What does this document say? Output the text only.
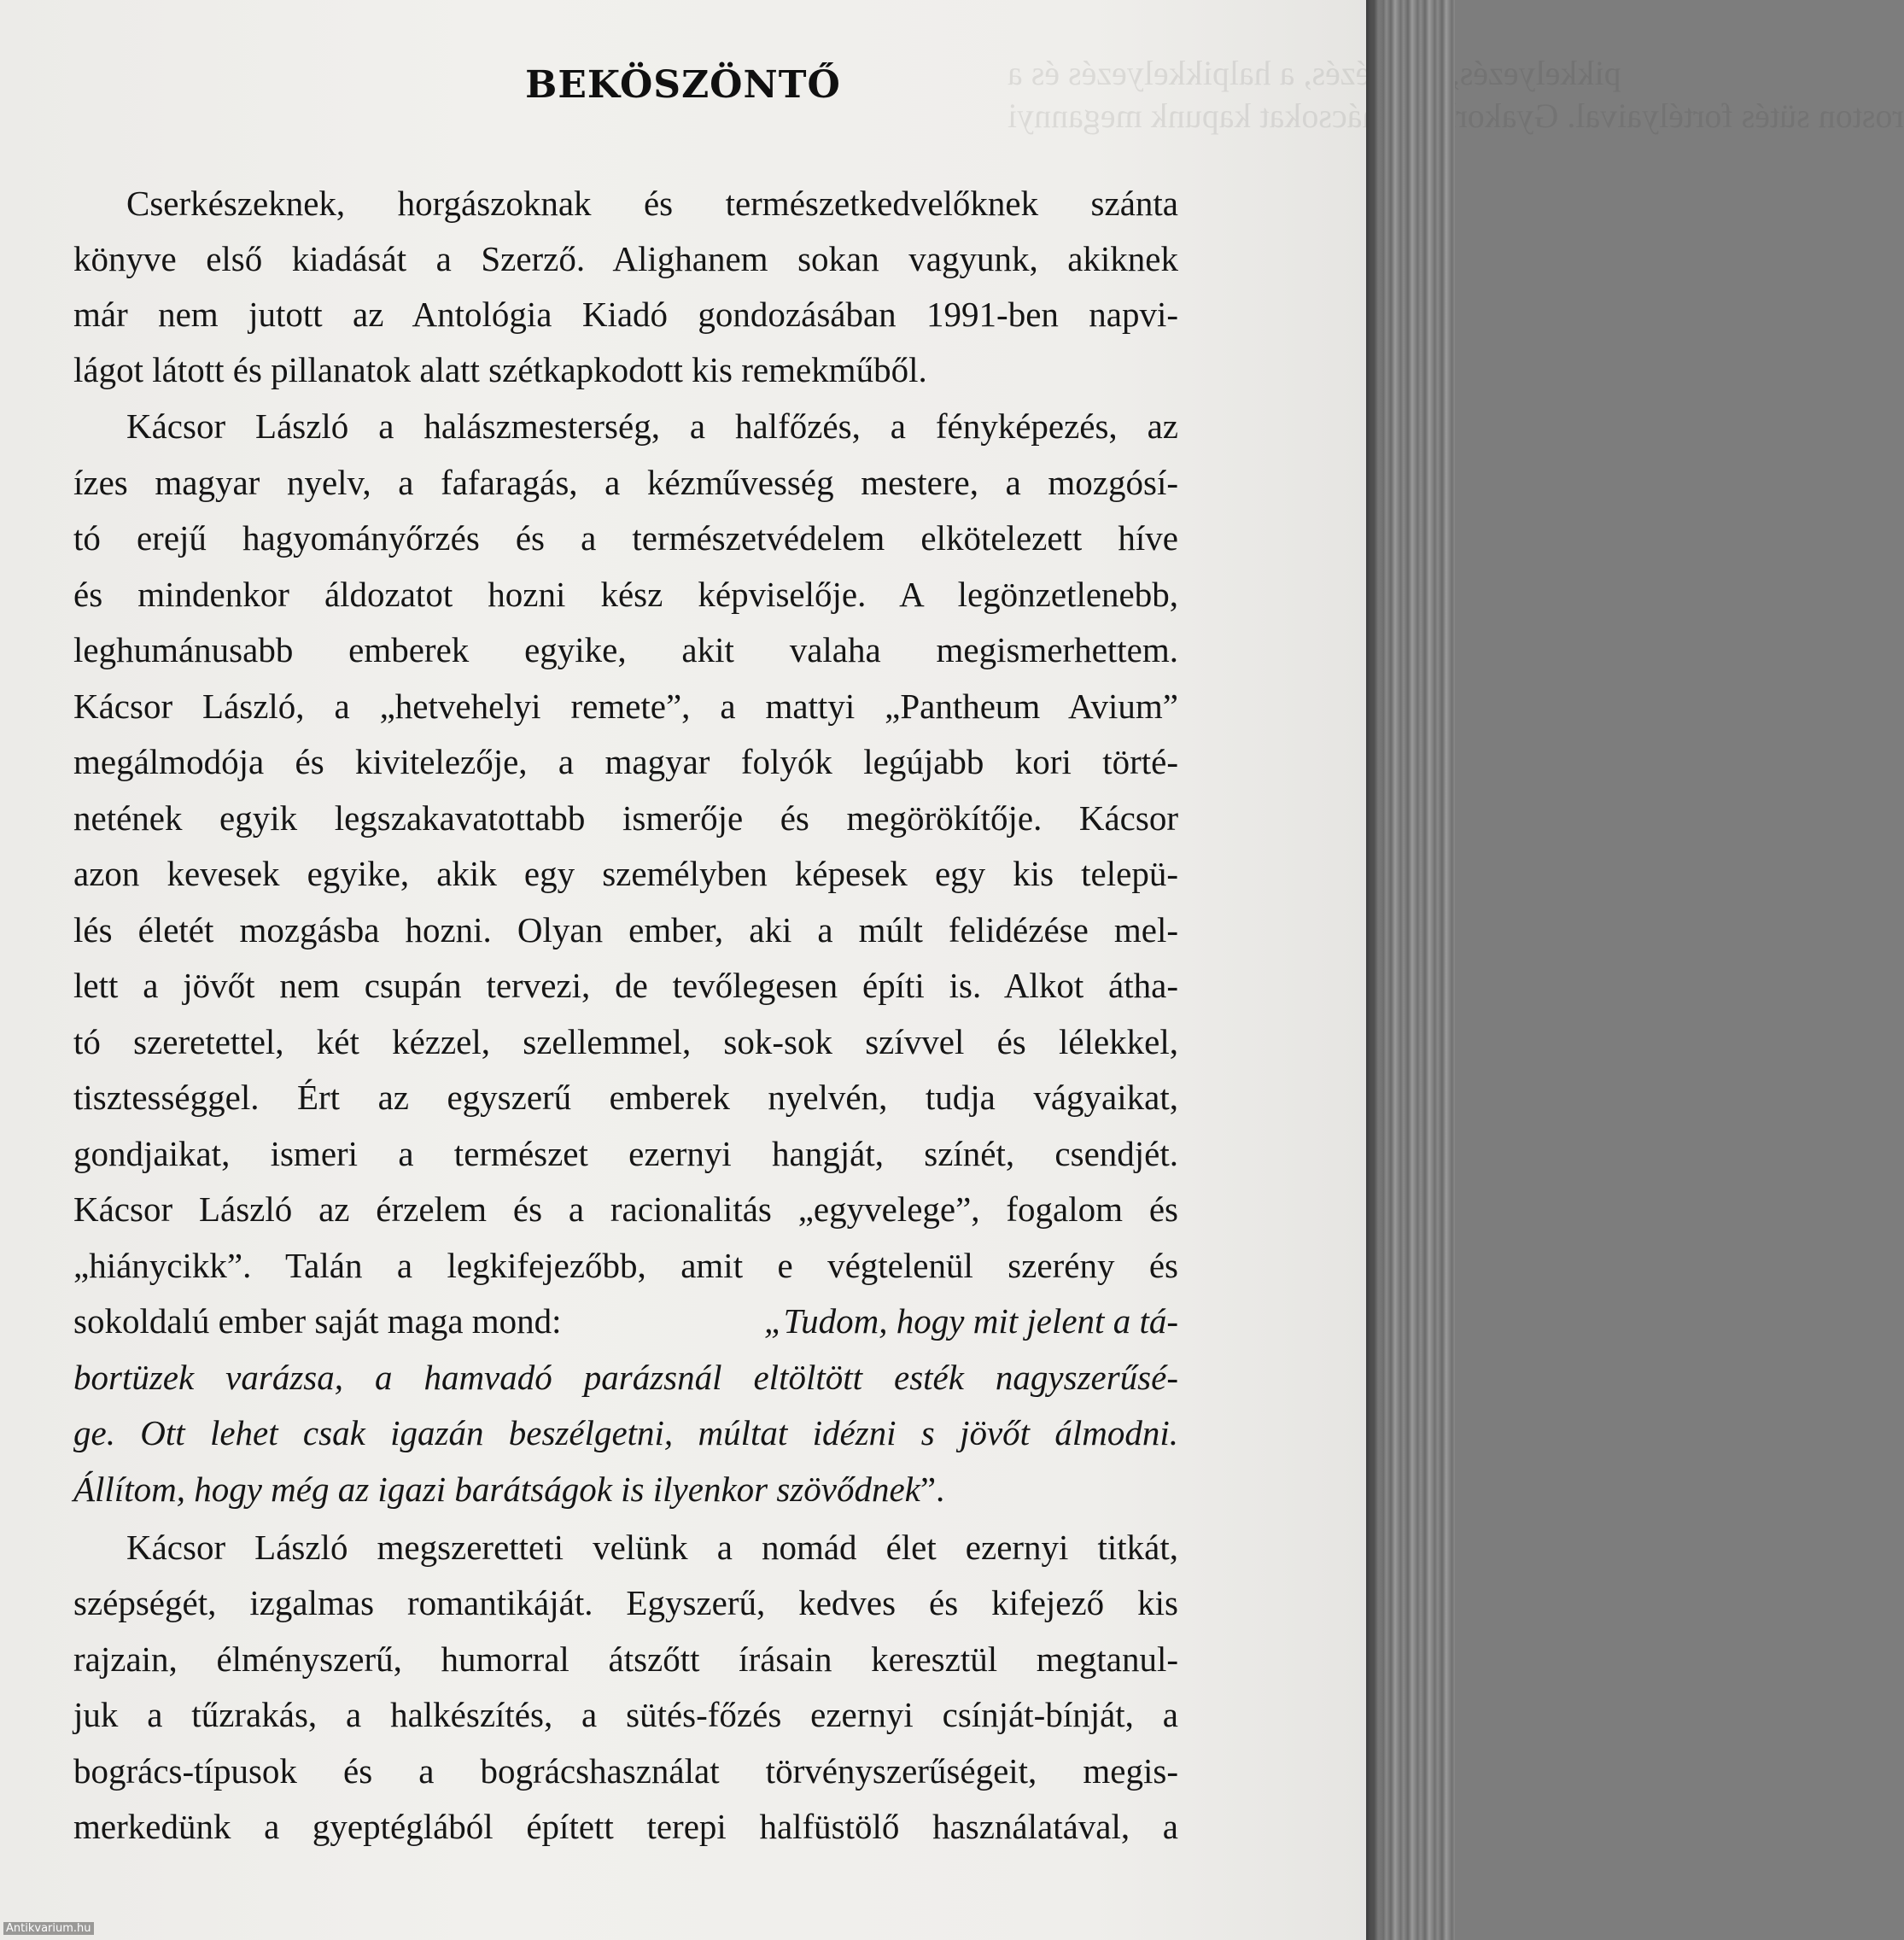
pikkelyezés, halfilézés, a halpikkelyezés és a
roston sütés fortélyaival. Gyakorlati tanácsokat kapunk megannyi
BEKÖSZÖNTŐ
Cserkészeknek, horgászoknak és természetkedvelőknek szánta
könyve első kiadását a Szerző. Alighanem sokan vagyunk, akiknek
már nem jutott az Antológia Kiadó gondozásában 1991-ben napvi-
lágot látott és pillanatok alatt szétkapkodott kis remekműből.
Kácsor László a halászmesterség, a halfőzés, a fényképezés, az
ízes magyar nyelv, a fafaragás, a kézművesség mestere, a mozgósí-
tó erejű hagyományőrzés és a természetvédelem elkötelezett híve
és mindenkor áldozatot hozni kész képviselője. A legönzetlenebb,
leghumánusabb emberek egyike, akit valaha megismerhettem.
Kácsor László, a „hetvehelyi remete”, a mattyi „Pantheum Avium”
megálmodója és kivitelezője, a magyar folyók legújabb kori törté-
netének egyik legszakavatottabb ismerője és megörökítője. Kácsor
azon kevesek egyike, akik egy személyben képesek egy kis telepü-
lés életét mozgásba hozni. Olyan ember, aki a múlt felidézése mel-
lett a jövőt nem csupán tervezi, de tevőlegesen építi is. Alkot átha-
tó szeretettel, két kézzel, szellemmel, sok-sok szívvel és lélekkel,
tisztességgel. Ért az egyszerű emberek nyelvén, tudja vágyaikat,
gondjaikat, ismeri a természet ezernyi hangját, színét, csendjét.
Kácsor László az érzelem és a racionalitás „egyvelege”, fogalom és
„hiánycikk”. Talán a legkifejezőbb, amit e végtelenül szerény és
sokoldalú ember saját maga mond:	„Tudom, hogy mit jelent a tá-
bortüzek varázsa, a hamvadó parázsnál eltöltött esték nagyszerűsé-
ge. Ott lehet csak igazán beszélgetni, múltat idézni s jövőt álmodni.
Állítom, hogy még az igazi barátságok is ilyenkor szövődnek”.
Kácsor László megszeretteti velünk a nomád élet ezernyi titkát,
szépségét, izgalmas romantikáját. Egyszerű, kedves és kifejező kis
rajzain, élményszerű, humorral átszőtt írásain keresztül megtanul-
juk a tűzrakás, a halkészítés, a sütés-főzés ezernyi csínját-bínját, a
bogrács-típusok és a bográcshasználat törvényszerűségeit, megis-
merkedünk a gyeptéglából épített terepi halfüstölő használatával, a
Antikvarium.hu
